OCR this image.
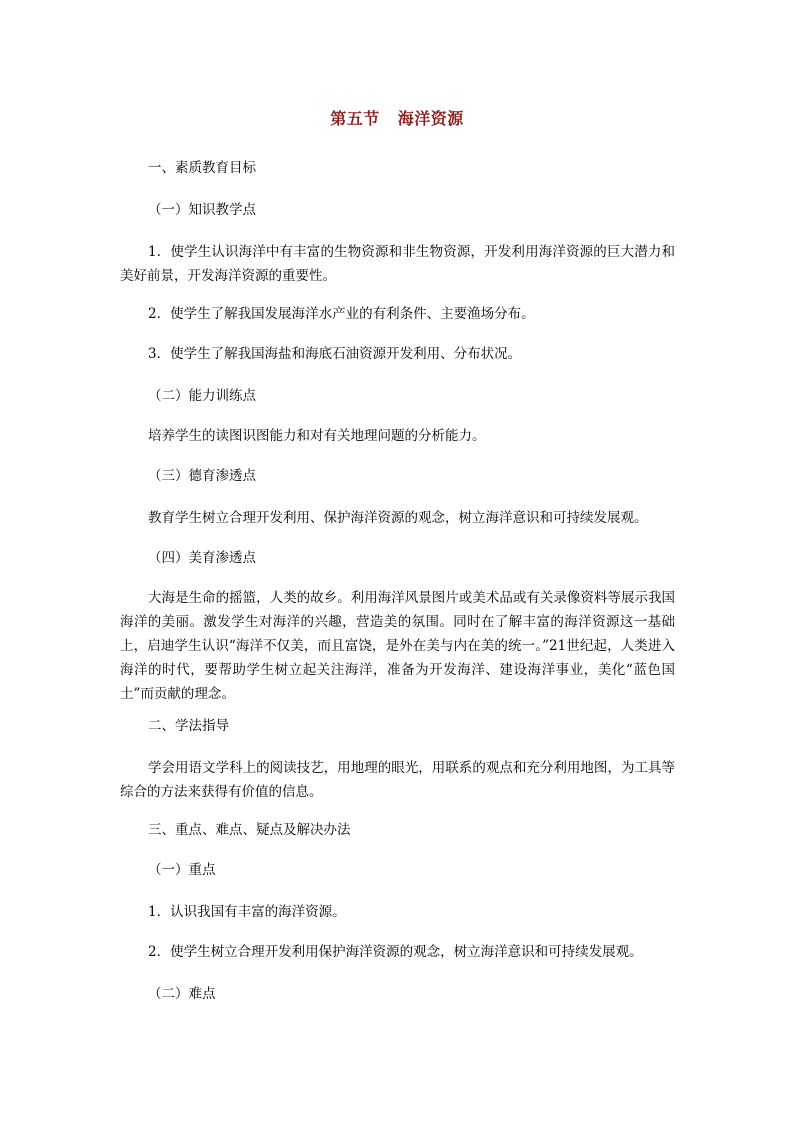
第五节 海洋资源
一、素质教育目标
（一）知识教学点
1．使学生认识海洋中有丰富的生物资源和非生物资源，开发利用海洋资源的巨大潜力和美好前景，开发海洋资源的重要性。
2．使学生了解我国发展海洋水产业的有利条件、主要渔场分布。
3．使学生了解我国海盐和海底石油资源开发利用、分布状况。
（二）能力训练点
培养学生的读图识图能力和对有关地理问题的分析能力。
（三）德育渗透点
教育学生树立合理开发利用、保护海洋资源的观念，树立海洋意识和可持续发展观。
（四）美育渗透点
大海是生命的摇篮，人类的故乡。利用海洋风景图片或美术品或有关录像资料等展示我国海洋的美丽。激发学生对海洋的兴趣，营造美的氛围。同时在了解丰富的海洋资源这一基础上，启迪学生认识“海洋不仅美，而且富饶，是外在美与内在美的统一。”21世纪起，人类进入海洋的时代，要帮助学生树立起关注海洋，准备为开发海洋、建设海洋事业，美化“蓝色国土”而贡献的理念。
二、学法指导
学会用语文学科上的阅读技艺，用地理的眼光，用联系的观点和充分利用地图，为工具等综合的方法来获得有价值的信息。
三、重点、难点、疑点及解决办法
（一）重点
1．认识我国有丰富的海洋资源。
2．使学生树立合理开发利用保护海洋资源的观念，树立海洋意识和可持续发展观。
（二）难点
